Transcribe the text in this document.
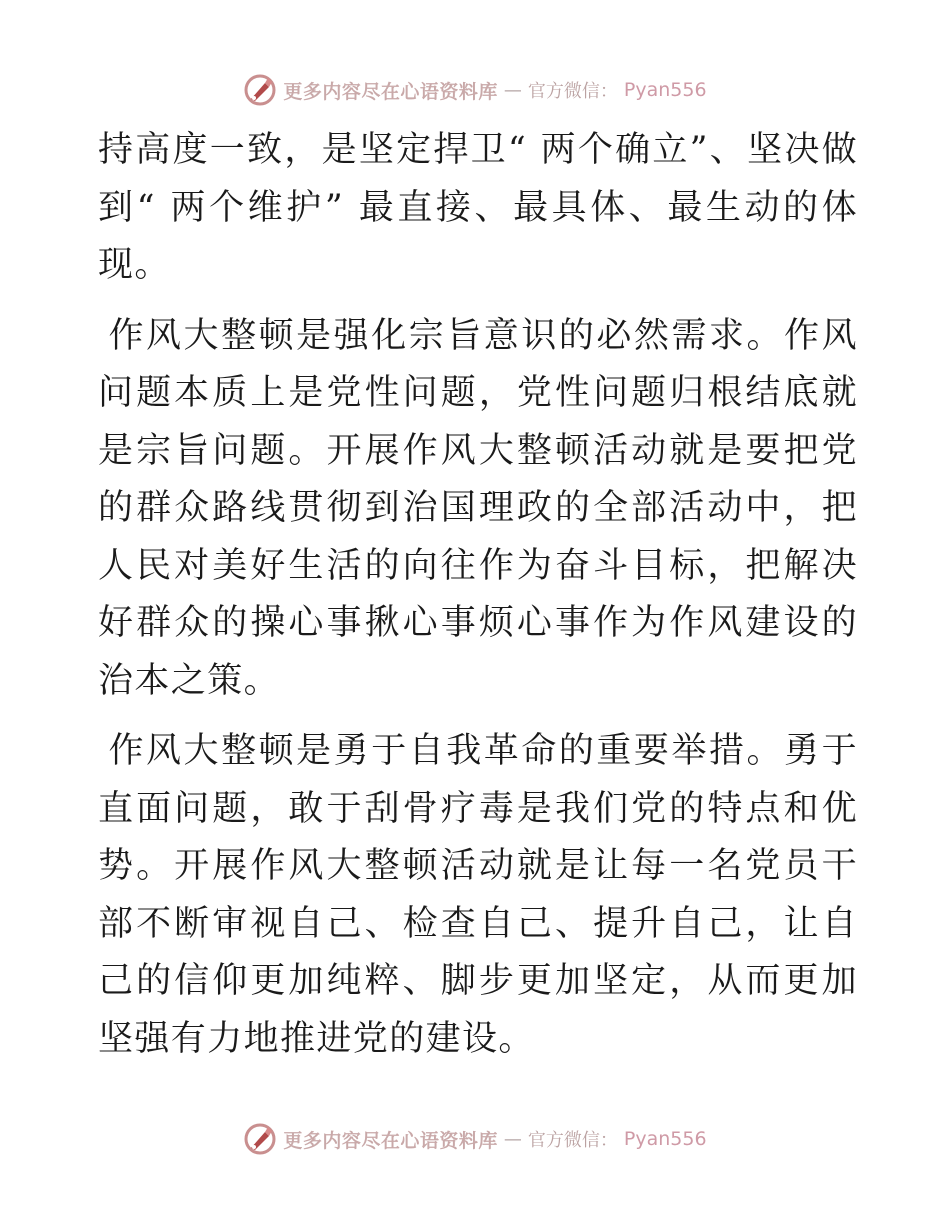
更多内容尽在心语资料库 — 官方微信： Pyan556

持高度一致，是坚定捍卫“ 两个确立”、坚决做到“ 两个维护” 最直接、最具体、最生动的体现。

作风大整顿是强化宗旨意识的必然需求。作风问题本质上是党性问题，党性问题归根结底就是宗旨问题。开展作风大整顿活动就是要把党的群众路线贯彻到治国理政的全部活动中，把人民对美好生活的向往作为奋斗目标，把解决好群众的操心事揪心事烦心事作为作风建设的治本之策。

作风大整顿是勇于自我革命的重要举措。勇于直面问题，敢于刮骨疗毒是我们党的特点和优势。开展作风大整顿活动就是让每一名党员干部不断审视自己、检查自己、提升自己，让自己的信仰更加纯粹、脚步更加坚定，从而更加坚强有力地推进党的建设。

更多内容尽在心语资料库 — 官方微信： Pyan556
